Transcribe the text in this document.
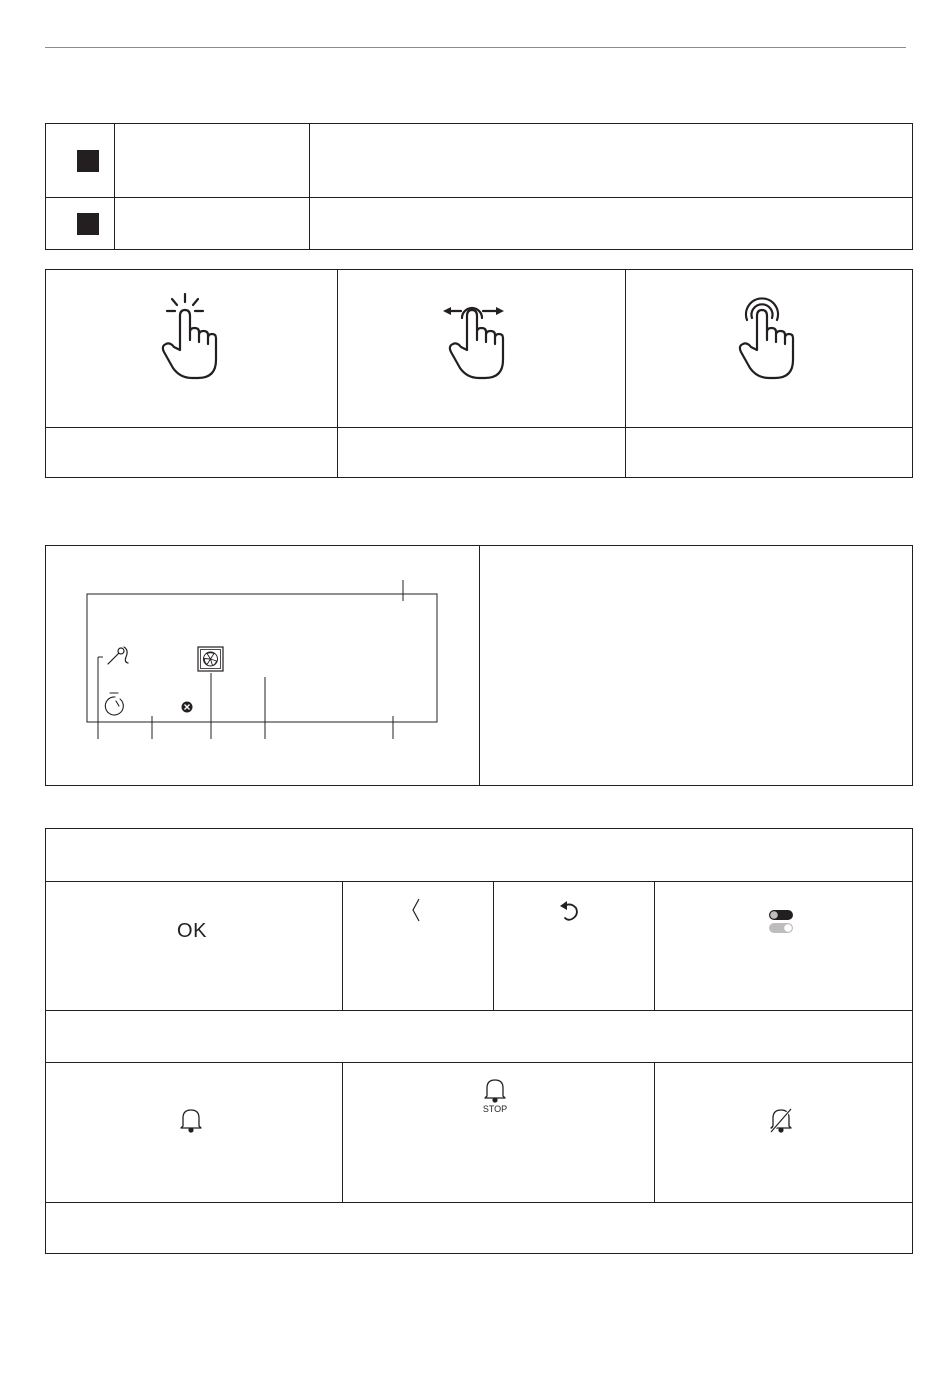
OK
STOP
